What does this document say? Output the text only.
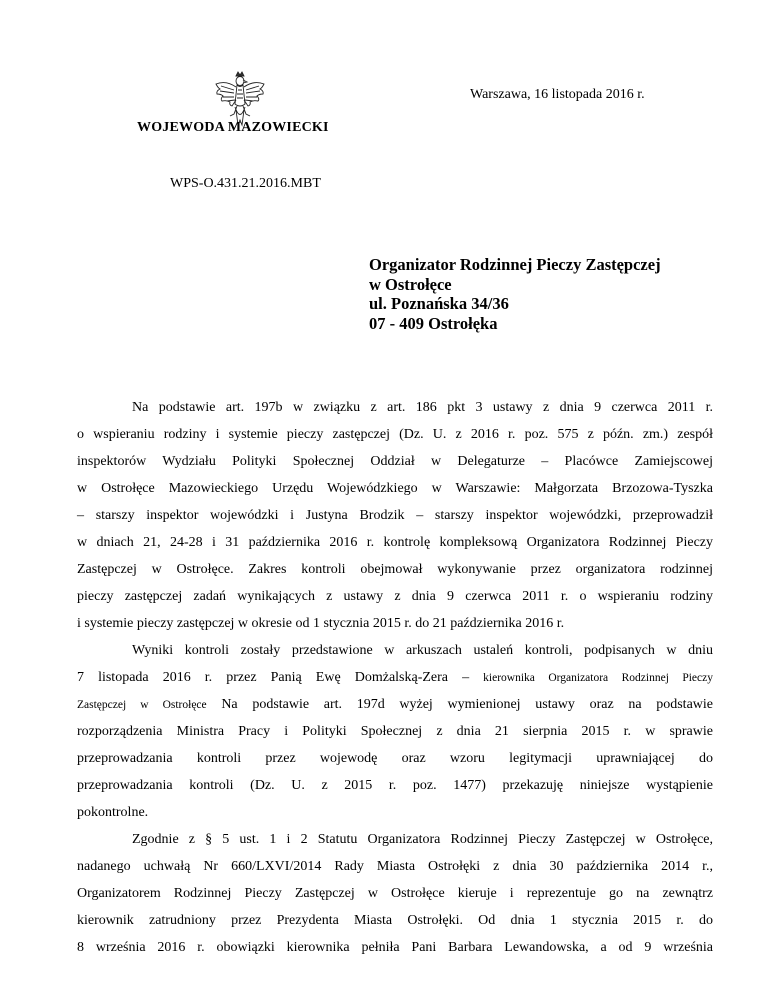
Warszawa, 16 listopada 2016 r.
WOJEWODA MAZOWIECKI
WPS-O.431.21.2016.MBT
Organizator Rodzinnej Pieczy Zastępczej
w Ostrołęce
ul. Poznańska 34/36
07 - 409 Ostrołęka
Na podstawie art. 197b w związku z art. 186 pkt 3 ustawy z dnia 9 czerwca 2011 r.
o wspieraniu rodziny i systemie pieczy zastępczej (Dz. U. z 2016 r. poz. 575 z późn. zm.) zespół
inspektorów Wydziału Polityki Społecznej Oddział w Delegaturze – Placówce Zamiejscowej
w Ostrołęce Mazowieckiego Urzędu Wojewódzkiego w Warszawie: Małgorzata Brzozowa-Tyszka
– starszy inspektor wojewódzki i Justyna Brodzik – starszy inspektor wojewódzki, przeprowadził
w dniach 21, 24-28 i 31 października 2016 r. kontrolę kompleksową Organizatora Rodzinnej Pieczy
Zastępczej w Ostrołęce. Zakres kontroli obejmował wykonywanie przez organizatora rodzinnej
pieczy zastępczej zadań wynikających z ustawy z dnia 9 czerwca 2011 r. o wspieraniu rodziny
i systemie pieczy zastępczej w okresie od 1 stycznia 2015 r. do 21 października 2016 r.
Wyniki kontroli zostały przedstawione w arkuszach ustaleń kontroli, podpisanych w dniu
7 listopada 2016 r. przez Panią Ewę Domżalską-Zera – kierownika Organizatora Rodzinnej Pieczy
Zastępczej w Ostrołęce Na podstawie art. 197d wyżej wymienionej ustawy oraz na podstawie
rozporządzenia Ministra Pracy i Polityki Społecznej z dnia 21 sierpnia 2015 r. w sprawie
przeprowadzania kontroli przez wojewodę oraz wzoru legitymacji uprawniającej do
przeprowadzania kontroli (Dz. U. z 2015 r. poz. 1477) przekazuję niniejsze wystąpienie
pokontrolne.
Zgodnie z § 5 ust. 1 i 2 Statutu Organizatora Rodzinnej Pieczy Zastępczej w Ostrołęce,
nadanego uchwałą Nr 660/LXVI/2014 Rady Miasta Ostrołęki z dnia 30 października 2014 r.,
Organizatorem Rodzinnej Pieczy Zastępczej w Ostrołęce kieruje i reprezentuje go na zewnątrz
kierownik zatrudniony przez Prezydenta Miasta Ostrołęki. Od dnia 1 stycznia 2015 r. do
8 września 2016 r. obowiązki kierownika pełniła Pani Barbara Lewandowska, a od 9 września
